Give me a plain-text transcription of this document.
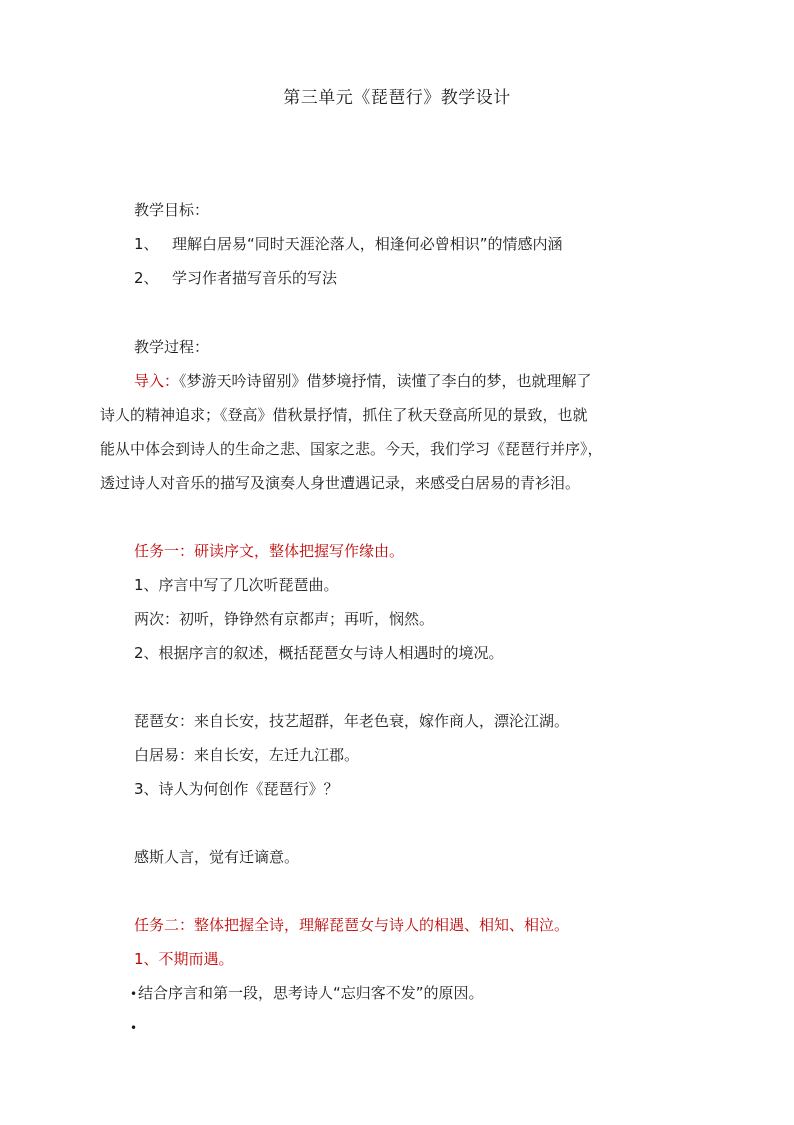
第三单元《琵琶行》教学设计
教学目标：
1、 理解白居易“同时天涯沦落人，相逢何必曾相识”的情感内涵
2、 学习作者描写音乐的写法
教学过程：
导入：《梦游天吟诗留别》借梦境抒情，读懂了李白的梦，也就理解了
诗人的精神追求；《登高》借秋景抒情，抓住了秋天登高所见的景致，也就
能从中体会到诗人的生命之悲、国家之悲。今天，我们学习《琵琶行并序》，
透过诗人对音乐的描写及演奏人身世遭遇记录，来感受白居易的青衫泪。
任务一：研读序文，整体把握写作缘由。
1、序言中写了几次听琵琶曲。
两次：初听，铮铮然有京都声；再听，悯然。
2、根据序言的叙述，概括琵琶女与诗人相遇时的境况。
琵琶女：来自长安，技艺超群，年老色衰，嫁作商人，漂沦江湖。
白居易：来自长安，左迁九江郡。
3、诗人为何创作《琵琶行》？
感斯人言，觉有迁谪意。
任务二：整体把握全诗，理解琵琶女与诗人的相遇、相知、相泣。
1、不期而遇。
•结合序言和第一段，思考诗人“忘归客不发”的原因。
•
